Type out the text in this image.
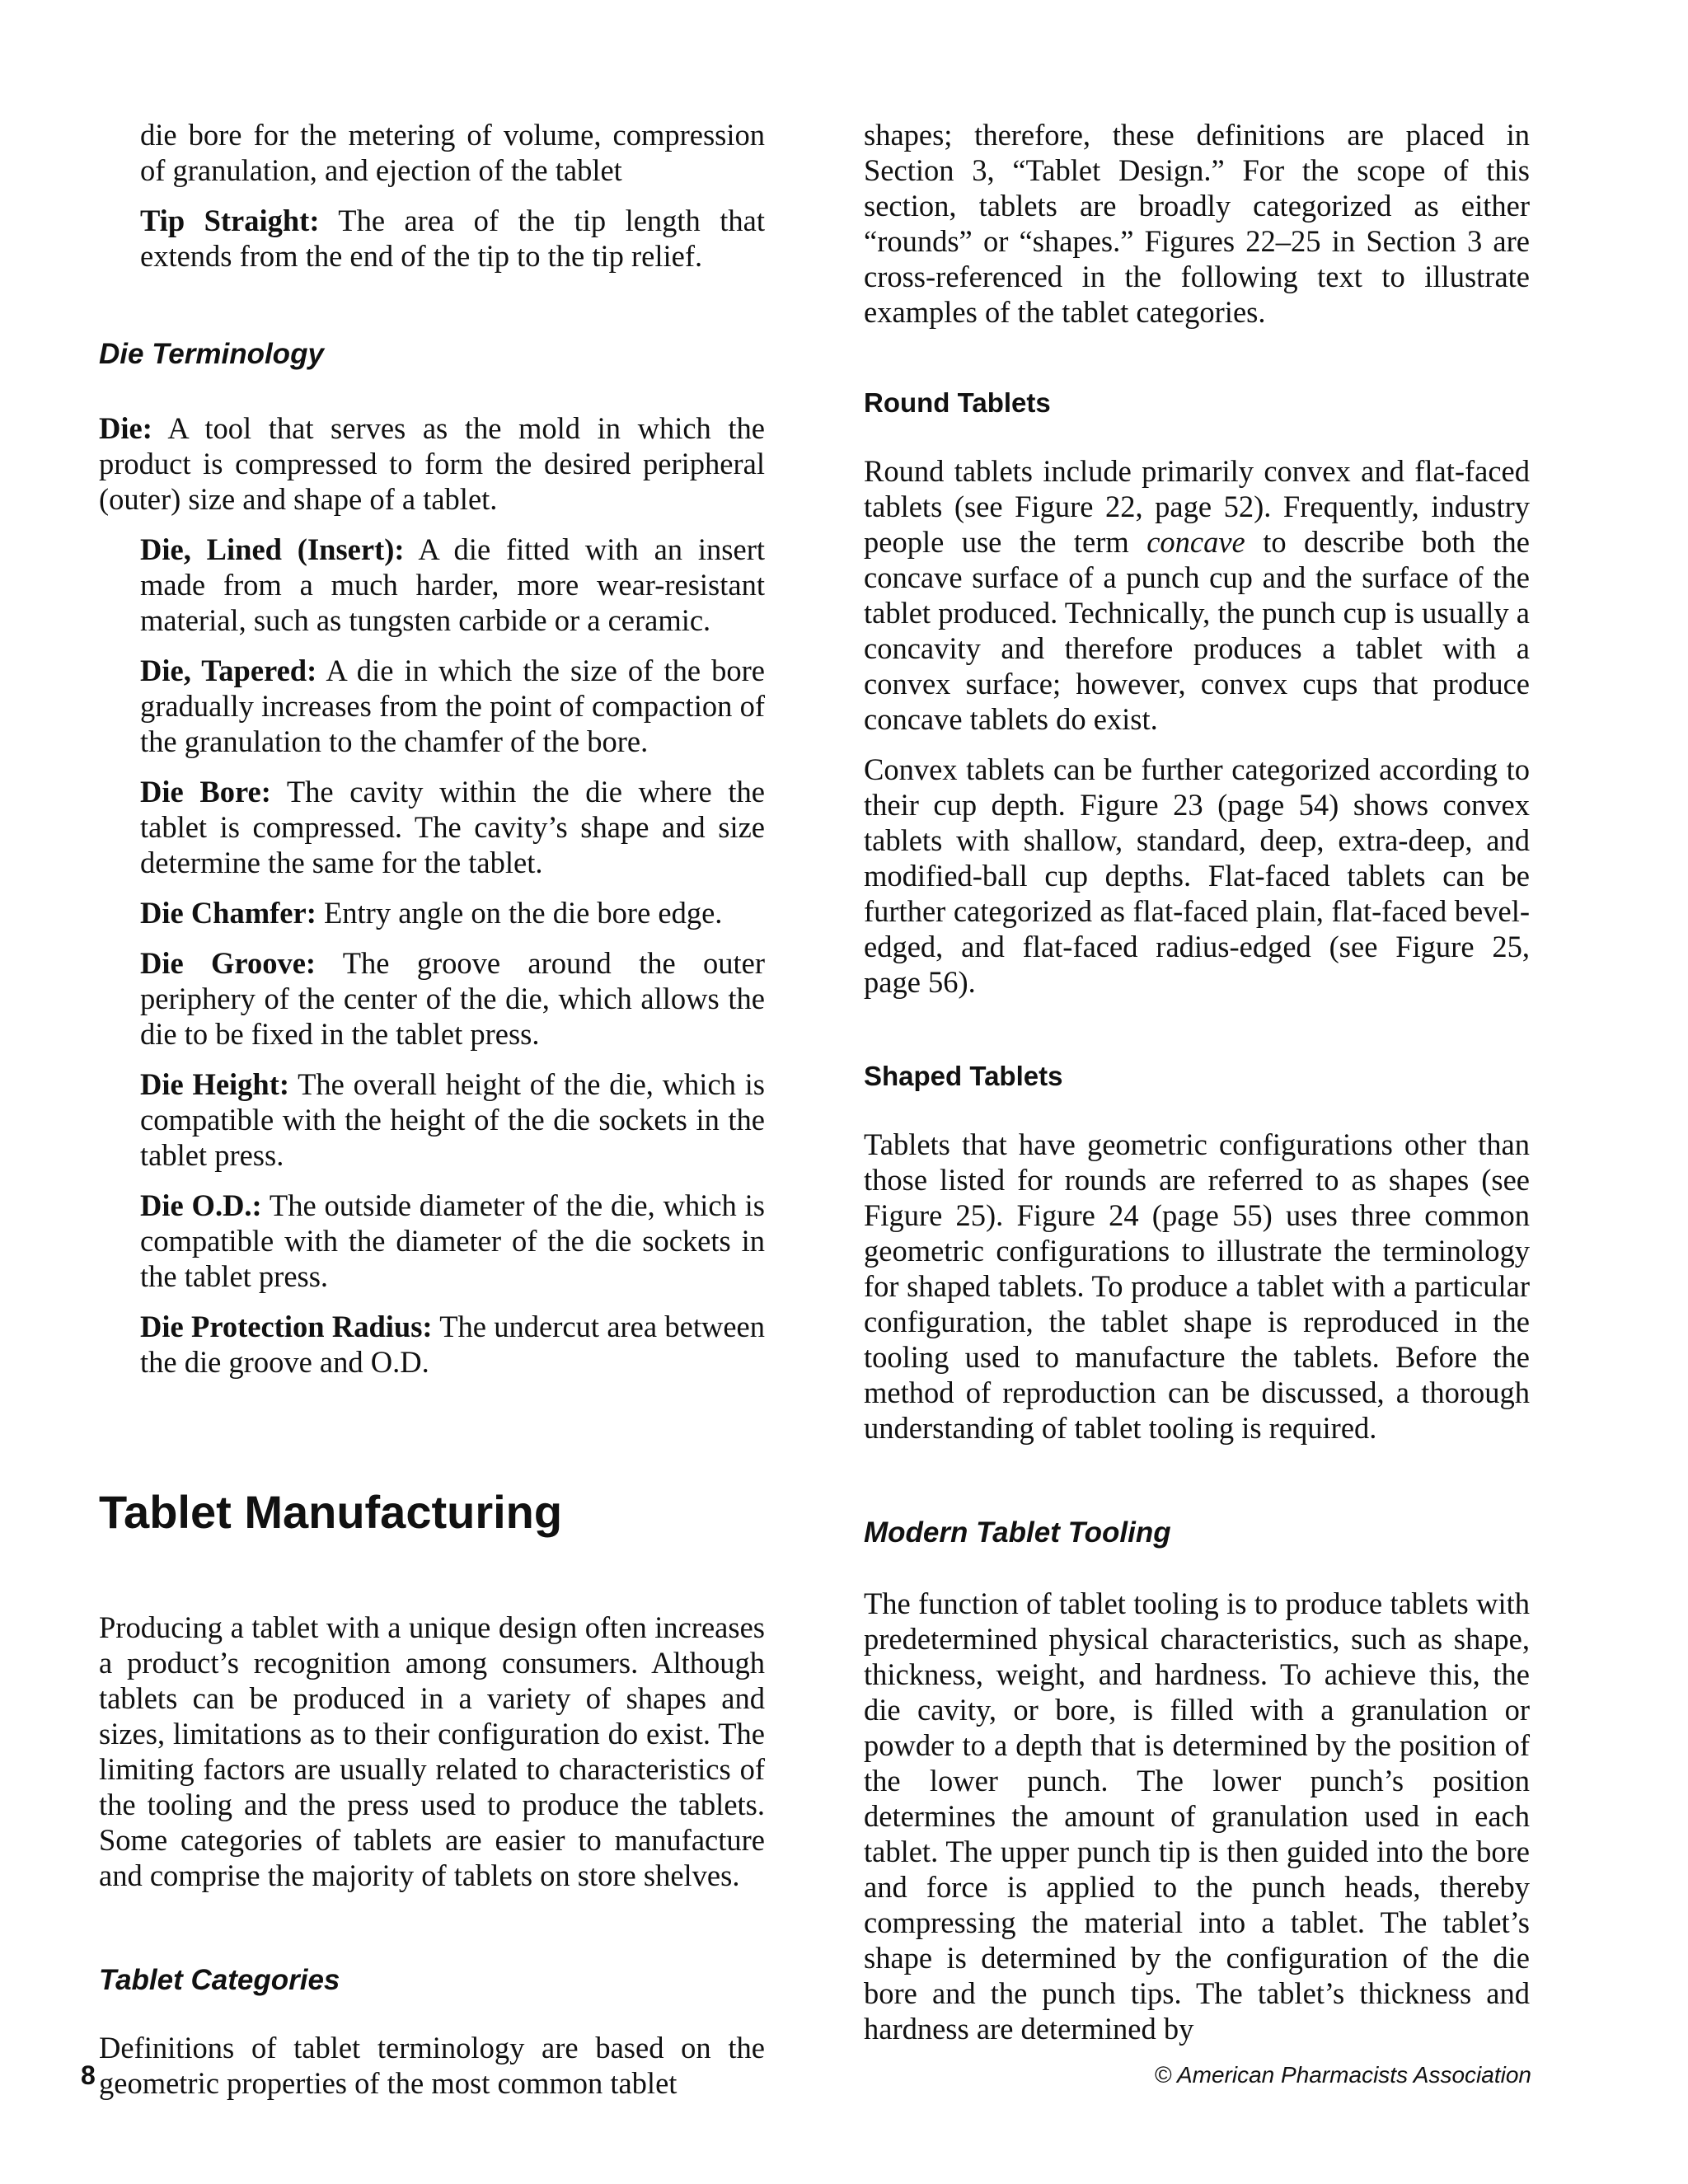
die bore for the metering of volume, compression of granulation, and ejection of the tablet

Tip Straight: The area of the tip length that extends from the end of the tip to the tip relief.

Die Terminology

Die: A tool that serves as the mold in which the product is compressed to form the desired peripheral (outer) size and shape of a tablet.

Die, Lined (Insert): A die fitted with an insert made from a much harder, more wear-resistant material, such as tungsten carbide or a ceramic.

Die, Tapered: A die in which the size of the bore gradually increases from the point of compaction of the granulation to the chamfer of the bore.

Die Bore: The cavity within the die where the tablet is compressed. The cavity’s shape and size determine the same for the tablet.

Die Chamfer: Entry angle on the die bore edge.

Die Groove: The groove around the outer periphery of the center of the die, which allows the die to be fixed in the tablet press.

Die Height: The overall height of the die, which is compatible with the height of the die sockets in the tablet press.

Die O.D.: The outside diameter of the die, which is compatible with the diameter of the die sockets in the tablet press.

Die Protection Radius: The undercut area between the die groove and O.D.

Tablet Manufacturing

Producing a tablet with a unique design often increases a product’s recognition among consumers. Although tablets can be produced in a variety of shapes and sizes, limitations as to their configuration do exist. The limiting factors are usually related to characteristics of the tooling and the press used to produce the tablets. Some categories of tablets are easier to manufacture and comprise the majority of tablets on store shelves.

Tablet Categories

Definitions of tablet terminology are based on the geometric properties of the most common tablet

shapes; therefore, these definitions are placed in Section 3, “Tablet Design.” For the scope of this section, tablets are broadly categorized as either “rounds” or “shapes.” Figures 22–25 in Section 3 are cross-referenced in the following text to illustrate examples of the tablet categories.

Round Tablets

Round tablets include primarily convex and flat-faced tablets (see Figure 22, page 52). Frequently, industry people use the term concave to describe both the concave surface of a punch cup and the surface of the tablet produced. Technically, the punch cup is usually a concavity and therefore produces a tablet with a convex surface; however, convex cups that produce concave tablets do exist.

Convex tablets can be further categorized according to their cup depth. Figure 23 (page 54) shows convex tablets with shallow, standard, deep, extra-deep, and modified-ball cup depths. Flat-faced tablets can be further categorized as flat-faced plain, flat-faced bevel-edged, and flat-faced radius-edged (see Figure 25, page 56).

Shaped Tablets

Tablets that have geometric configurations other than those listed for rounds are referred to as shapes (see Figure 25). Figure 24 (page 55) uses three common geometric configurations to illustrate the terminology for shaped tablets. To produce a tablet with a particular configuration, the tablet shape is reproduced in the tooling used to manufacture the tablets. Before the method of reproduction can be discussed, a thorough understanding of tablet tooling is required.

Modern Tablet Tooling

The function of tablet tooling is to produce tablets with predetermined physical characteristics, such as shape, thickness, weight, and hardness. To achieve this, the die cavity, or bore, is filled with a granulation or powder to a depth that is determined by the position of the lower punch. The lower punch’s position determines the amount of granulation used in each tablet. The upper punch tip is then guided into the bore and force is applied to the punch heads, thereby compressing the material into a tablet. The tablet’s shape is determined by the configuration of the die bore and the punch tips. The tablet’s thickness and hardness are determined by

8	© American Pharmacists Association
